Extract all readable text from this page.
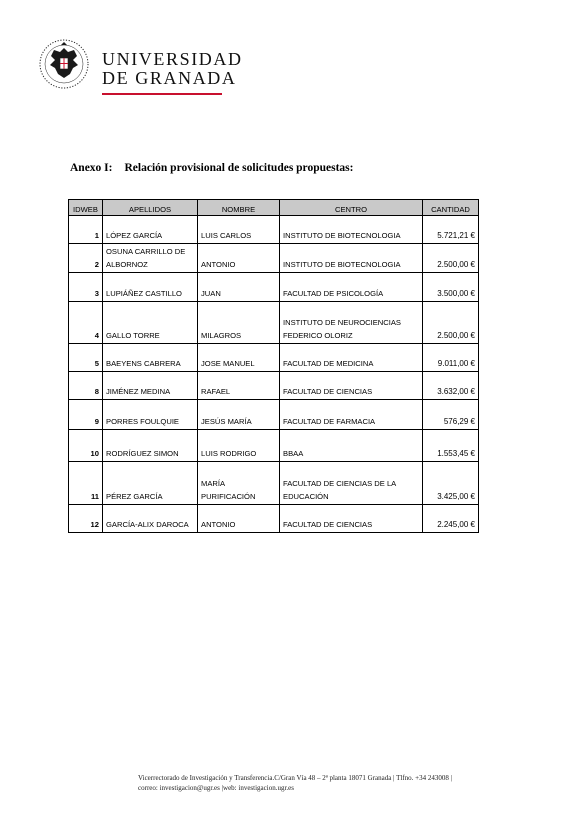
UNIVERSIDAD
DE GRANADA
Anexo I: Relación provisional de solicitudes propuestas:
IDWEB	APELLIDOS	NOMBRE	CENTRO	CANTIDAD
1	LÓPEZ GARCÍA	LUIS CARLOS	INSTITUTO DE BIOTECNOLOGIA	5.721,21 €
2	OSUNA CARRILLO DE ALBORNOZ	ANTONIO	INSTITUTO DE BIOTECNOLOGIA	2.500,00 €
3	LUPIÁÑEZ CASTILLO	JUAN	FACULTAD DE PSICOLOGÍA	3.500,00 €
4	GALLO TORRE	MILAGROS	INSTITUTO DE NEUROCIENCIAS FEDERICO OLORIZ	2.500,00 €
5	BAEYENS CABRERA	JOSE MANUEL	FACULTAD DE MEDICINA	9.011,00 €
8	JIMÉNEZ MEDINA	RAFAEL	FACULTAD DE CIENCIAS	3.632,00 €
9	PORRES FOULQUIE	JESÚS MARÍA	FACULTAD DE FARMACIA	576,29 €
10	RODRÍGUEZ SIMON	LUIS RODRIGO	BBAA	1.553,45 €
11	PÉREZ GARCÍA	MARÍA PURIFICACIÓN	FACULTAD DE CIENCIAS DE LA EDUCACIÓN	3.425,00 €
12	GARCÍA-ALIX DAROCA	ANTONIO	FACULTAD DE CIENCIAS	2.245,00 €
Vicerrectorado de Investigación y Transferencia.C/Gran Vía 48 – 2ª planta 18071 Granada | Tlfno. +34 243008 |
correo: investigacion@ugr.es |web: investigacion.ugr.es
